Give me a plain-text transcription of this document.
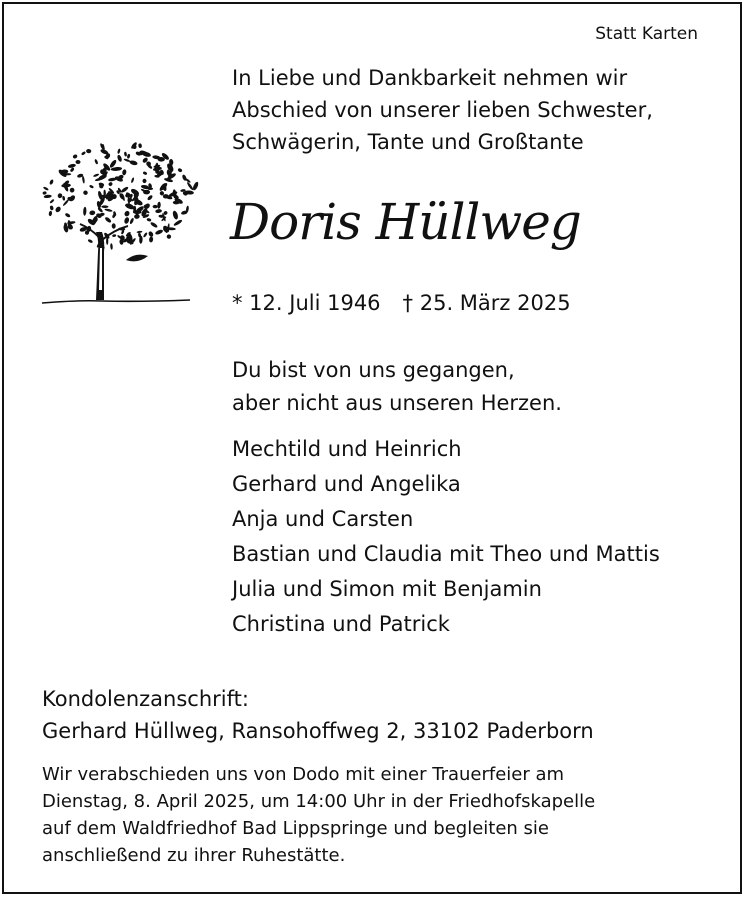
Statt Karten
In Liebe und Dankbarkeit nehmen wir
Abschied von unserer lieben Schwester,
Schwägerin, Tante und Großtante
Doris Hüllweg
* 12. Juli 1946 † 25. März 2025
Du bist von uns gegangen,
aber nicht aus unseren Herzen.
Mechtild und Heinrich
Gerhard und Angelika
Anja und Carsten
Bastian und Claudia mit Theo und Mattis
Julia und Simon mit Benjamin
Christina und Patrick
Kondolenzanschrift:
Gerhard Hüllweg, Ransohoffweg 2, 33102 Paderborn
Wir verabschieden uns von Dodo mit einer Trauerfeier am
Dienstag, 8. April 2025, um 14:00 Uhr in der Friedhofskapelle
auf dem Waldfriedhof Bad Lippspringe und begleiten sie
anschließend zu ihrer Ruhestätte.
